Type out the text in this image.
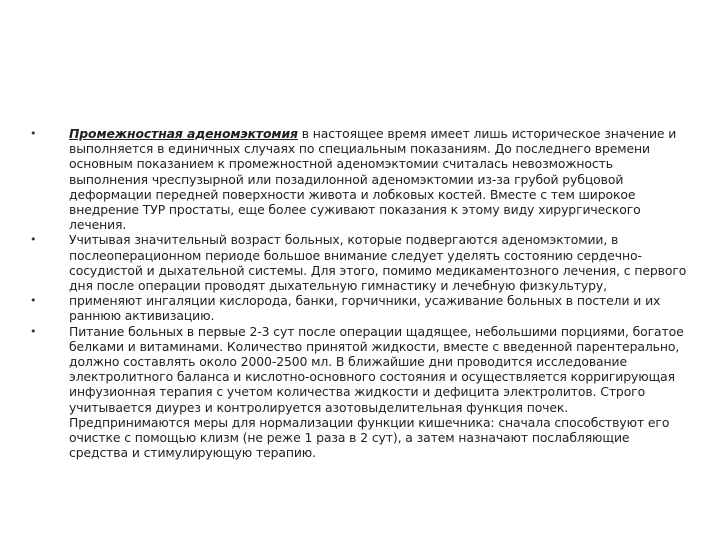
•	Промежностная аденомэктомия в настоящее время имеет лишь историческое значение и выполняется в единичных случаях по специальным показаниям. До последнего времени основным показанием к промежностной аденомэктомии считалась невозможность выполнения чреспузырной или позадилонной аденомэктомии из-за грубой рубцовой деформации передней поверхности живота и лобковых костей. Вместе с тем широкое внедрение ТУР простаты, еще более суживают показания к этому виду хирургического лечения.
•	Учитывая значительный возраст больных, которые подвергаются аденомэктомии, в послеоперационном периоде большое внимание следует уделять состоянию сердечно-сосудистой и дыхательной системы. Для этого, помимо медикаментозного лечения, с первого дня после операции проводят дыхательную гимнастику и лечебную физкультуру,
•	применяют ингаляции кислорода, банки, горчичники, усаживание больных в постели и их раннюю активизацию.
•	Питание больных в первые 2-3 сут после операции щадящее, небольшими порциями, богатое белками и витаминами. Количество принятой жидкости, вместе с введенной парентерально, должно составлять около 2000-2500 мл. В ближайшие дни проводится исследование электролитного баланса и кислотно-основного состояния и осуществляется корригирующая инфузионная терапия с учетом количества жидкости и дефицита электролитов. Строго учитывается диурез и контролируется азотовыделительная функция почек. Предпринимаются меры для нормализации функции кишечника: сначала способствуют его очистке с помощью клизм (не реже 1 раза в 2 сут), а затем назначают послабляющие средства и стимулирующую терапию.
